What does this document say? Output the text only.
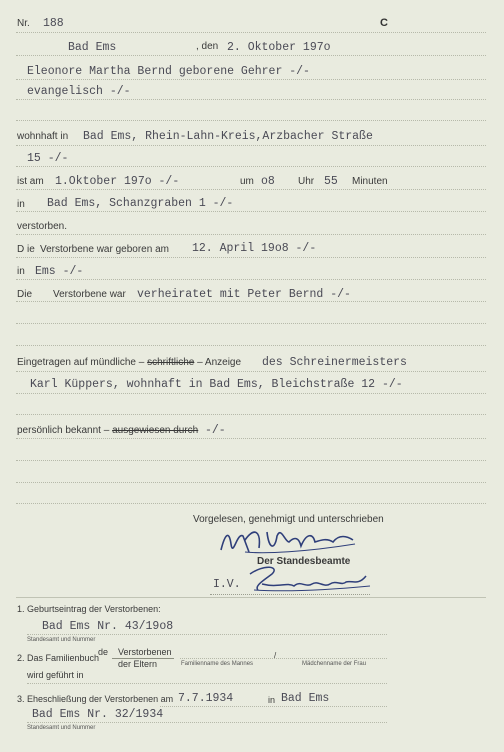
Nr. 188	C
Bad Ems	, den 2. Oktober 197o
Eleonore Martha Bernd geborene Gehrer -/-
evangelisch -/-
wohnhaft in Bad Ems, Rhein-Lahn-Kreis,Arzbacher Straße
15 -/-
ist am 1.Oktober 197o -/-	um o8 Uhr 55 Minuten
in Bad Ems, Schanzgraben 1 -/-
verstorben.
D ie Verstorbene war geboren am 12. April 19o8 -/-
in Ems -/-
Die Verstorbene war verheiratet mit Peter Bernd -/-
Eingetragen auf mündliche – schriftliche – Anzeige des Schreinermeisters
Karl Küppers, wohnhaft in Bad Ems, Bleichstraße 12 -/-
persönlich bekannt – ausgewiesen durch -/-
Vorgelesen, genehmigt und unterschrieben
Der Standesbeamte
I.V.
1. Geburtseintrag der Verstorbenen:
Bad Ems Nr. 43/19o8
Standesamt und Nummer
2. Das Familienbuch
de Verstorbenen
der Eltern	Familienname des Mannes
/
Mädchenname der Frau
wird geführt in
3. Eheschließung der Verstorbenen am 7.7.1934	in Bad Ems
Bad Ems Nr. 32/1934
Standesamt und Nummer
